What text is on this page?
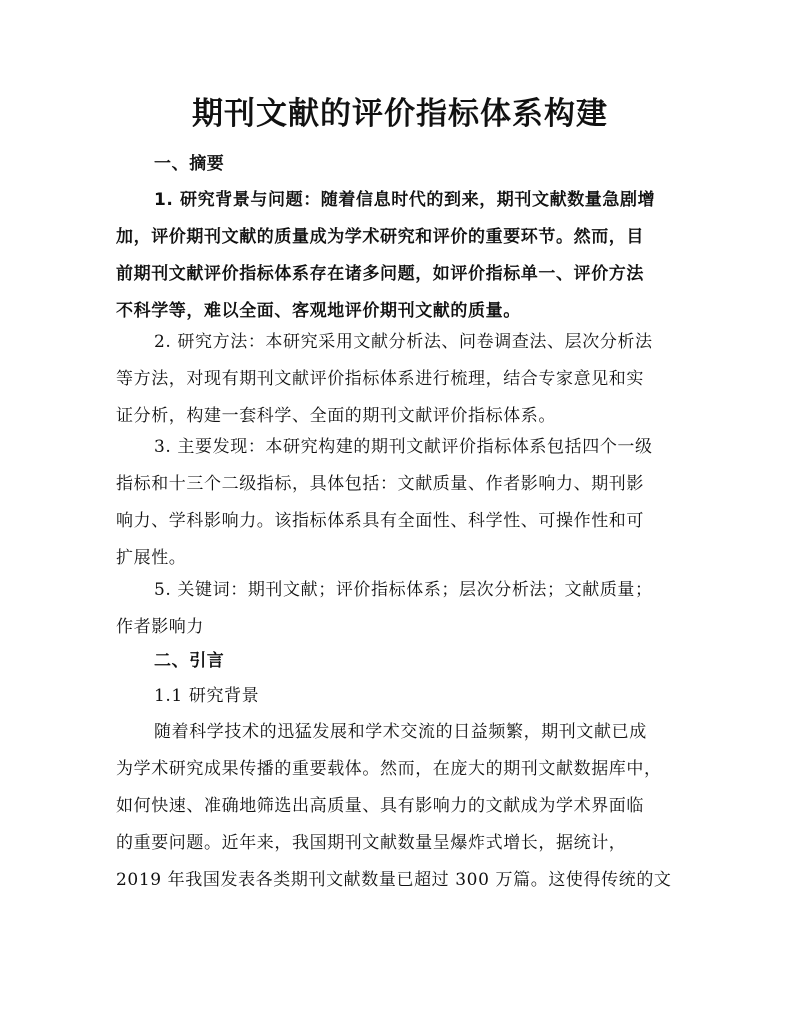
期刊文献的评价指标体系构建
一、摘要
1. 研究背景与问题：随着信息时代的到来，期刊文献数量急剧增
加，评价期刊文献的质量成为学术研究和评价的重要环节。然而，目
前期刊文献评价指标体系存在诸多问题，如评价指标单一、评价方法
不科学等，难以全面、客观地评价期刊文献的质量。
2. 研究方法：本研究采用文献分析法、问卷调查法、层次分析法
等方法，对现有期刊文献评价指标体系进行梳理，结合专家意见和实
证分析，构建一套科学、全面的期刊文献评价指标体系。
3. 主要发现：本研究构建的期刊文献评价指标体系包括四个一级
指标和十三个二级指标，具体包括：文献质量、作者影响力、期刊影
响力、学科影响力。该指标体系具有全面性、科学性、可操作性和可
扩展性。
5. 关键词：期刊文献；评价指标体系；层次分析法；文献质量；
作者影响力
二、引言
1.1 研究背景
随着科学技术的迅猛发展和学术交流的日益频繁，期刊文献已成
为学术研究成果传播的重要载体。然而，在庞大的期刊文献数据库中，
如何快速、准确地筛选出高质量、具有影响力的文献成为学术界面临
的重要问题。近年来，我国期刊文献数量呈爆炸式增长，据统计，
2019 年我国发表各类期刊文献数量已超过 300 万篇。这使得传统的文
